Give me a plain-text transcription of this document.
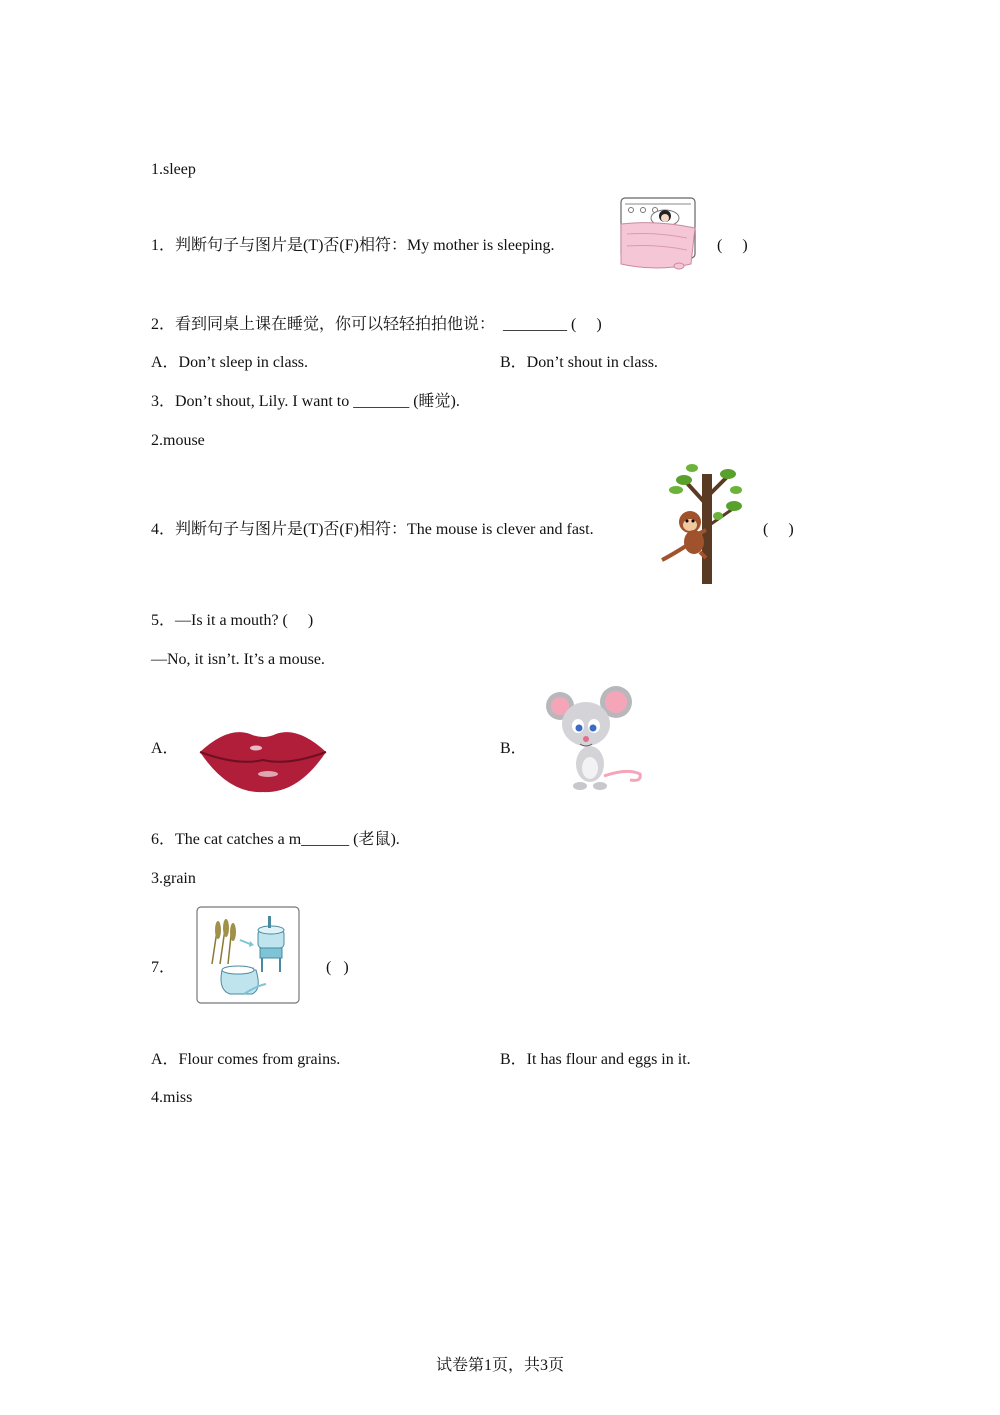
1.sleep
1．判断句子与图片是(T)否(F)相符：My mother is sleeping.	(     )
2．看到同桌上课在睡觉，你可以轻轻拍拍他说：  ________ (     )
A．Don’t sleep in class.	B．Don’t shout in class.
3．Don’t shout, Lily. I want to _______ (睡觉).
2.mouse
4．判断句子与图片是(T)否(F)相符：The mouse is clever and fast.	(     )
5．—Is it a mouth? (     )
—No, it isn’t. It’s a mouse.
A．	B．
6．The cat catches a m______ (老鼠).
3.grain
7．	(   )
A．Flour comes from grains.	B．It has flour and eggs in it.
4.miss
试卷第1页，共3页
